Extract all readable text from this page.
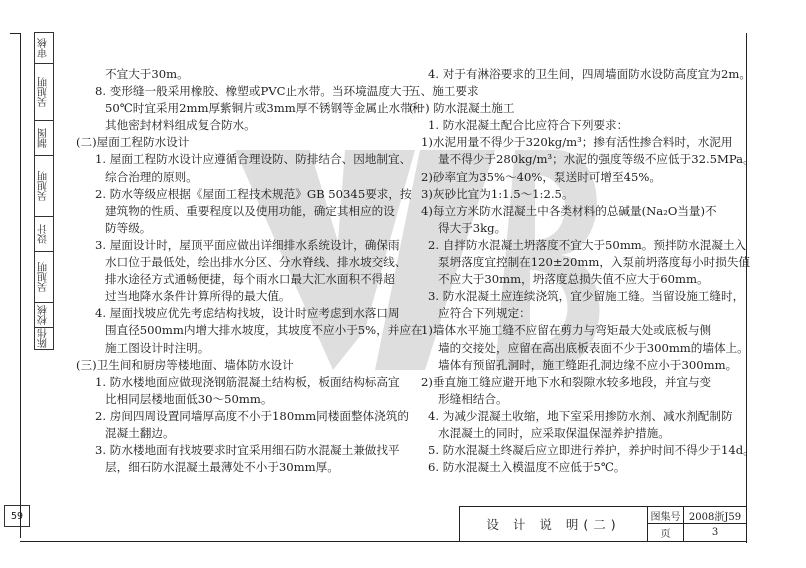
审核
吴旭明
制图
吴旭明
设计
吴旭明
校核
陈伟
59

不宜大于30m。

8. 变形缝一般采用橡胶、橡塑或PVC止水带。当环境温度大于

50℃时宜采用2mm厚紫铜片或3mm厚不锈钢等金属止水带和

其他密封材料组成复合防水。

(二)屋面工程防水设计

1. 屋面工程防水设计应遵循合理设防、防排结合、因地制宜、

综合治理的原则。

2. 防水等级应根据《屋面工程技术规范》GB 50345要求，按

建筑物的性质、重要程度以及使用功能，确定其相应的设

防等级。

3. 屋面设计时，屋顶平面应做出详细排水系统设计，确保雨

水口位于最低处，绘出排水分区、分水脊线、排水坡交线、

排水途径方式通畅便捷，每个雨水口最大汇水面积不得超

过当地降水条件计算所得的最大值。

4. 屋面找坡应优先考虑结构找坡，设计时应考虑到水落口周

围直径500mm内增大排水坡度，其坡度不应小于5%，并应在

施工图设计时注明。

(三)卫生间和厨房等楼地面、墙体防水设计

1. 防水楼地面应做现浇钢筋混凝土结构板，板面结构标高宜

比相同层楼地面低30～50mm。

2. 房间四周设置同墙厚高度不小于180mm同楼面整体浇筑的

混凝土翻边。

3. 防水楼地面有找坡要求时宜采用细石防水混凝土兼做找平

层，细石防水混凝土最薄处不小于30mm厚。

4. 对于有淋浴要求的卫生间，四周墙面防水设防高度宜为2m。

五、施工要求

(一) 防水混凝土施工

1. 防水混凝土配合比应符合下列要求：

1)水泥用量不得少于320kg/m³；掺有活性掺合料时，水泥用

量不得少于280kg/m³；水泥的强度等级不应低于32.5MPa。

2)砂率宜为35%～40%，泵送时可增至45%。

3)灰砂比宜为1:1.5～1:2.5。

4)每立方米防水混凝土中各类材料的总碱量(Na₂O当量)不

得大于3kg。

2. 自拌防水混凝土坍落度不宜大于50mm。预拌防水混凝土入

泵坍落度宜控制在120±20mm，入泵前坍落度每小时损失值

不应大于30mm，坍落度总损失值不应大于60mm。

3. 防水混凝土应连续浇筑，宜少留施工缝。当留设施工缝时，

应符合下列规定：

1)墙体水平施工缝不应留在剪力与弯矩最大处或底板与侧

墙的交接处，应留在高出底板表面不少于300mm的墙体上。

墙体有预留孔洞时，施工缝距孔洞边缘不应小于300mm。

2)垂直施工缝应避开地下水和裂隙水较多地段，并宜与变

形缝相结合。

4. 为减少混凝土收缩，地下室采用掺防水剂、减水剂配制防

水混凝土的同时，应采取保温保湿养护措施。

5. 防水混凝土终凝后应立即进行养护，养护时间不得少于14d。

6. 防水混凝土入模温度不应低于5℃。

设 计 说 明(二)	图集号 2008浙J59
页	3
